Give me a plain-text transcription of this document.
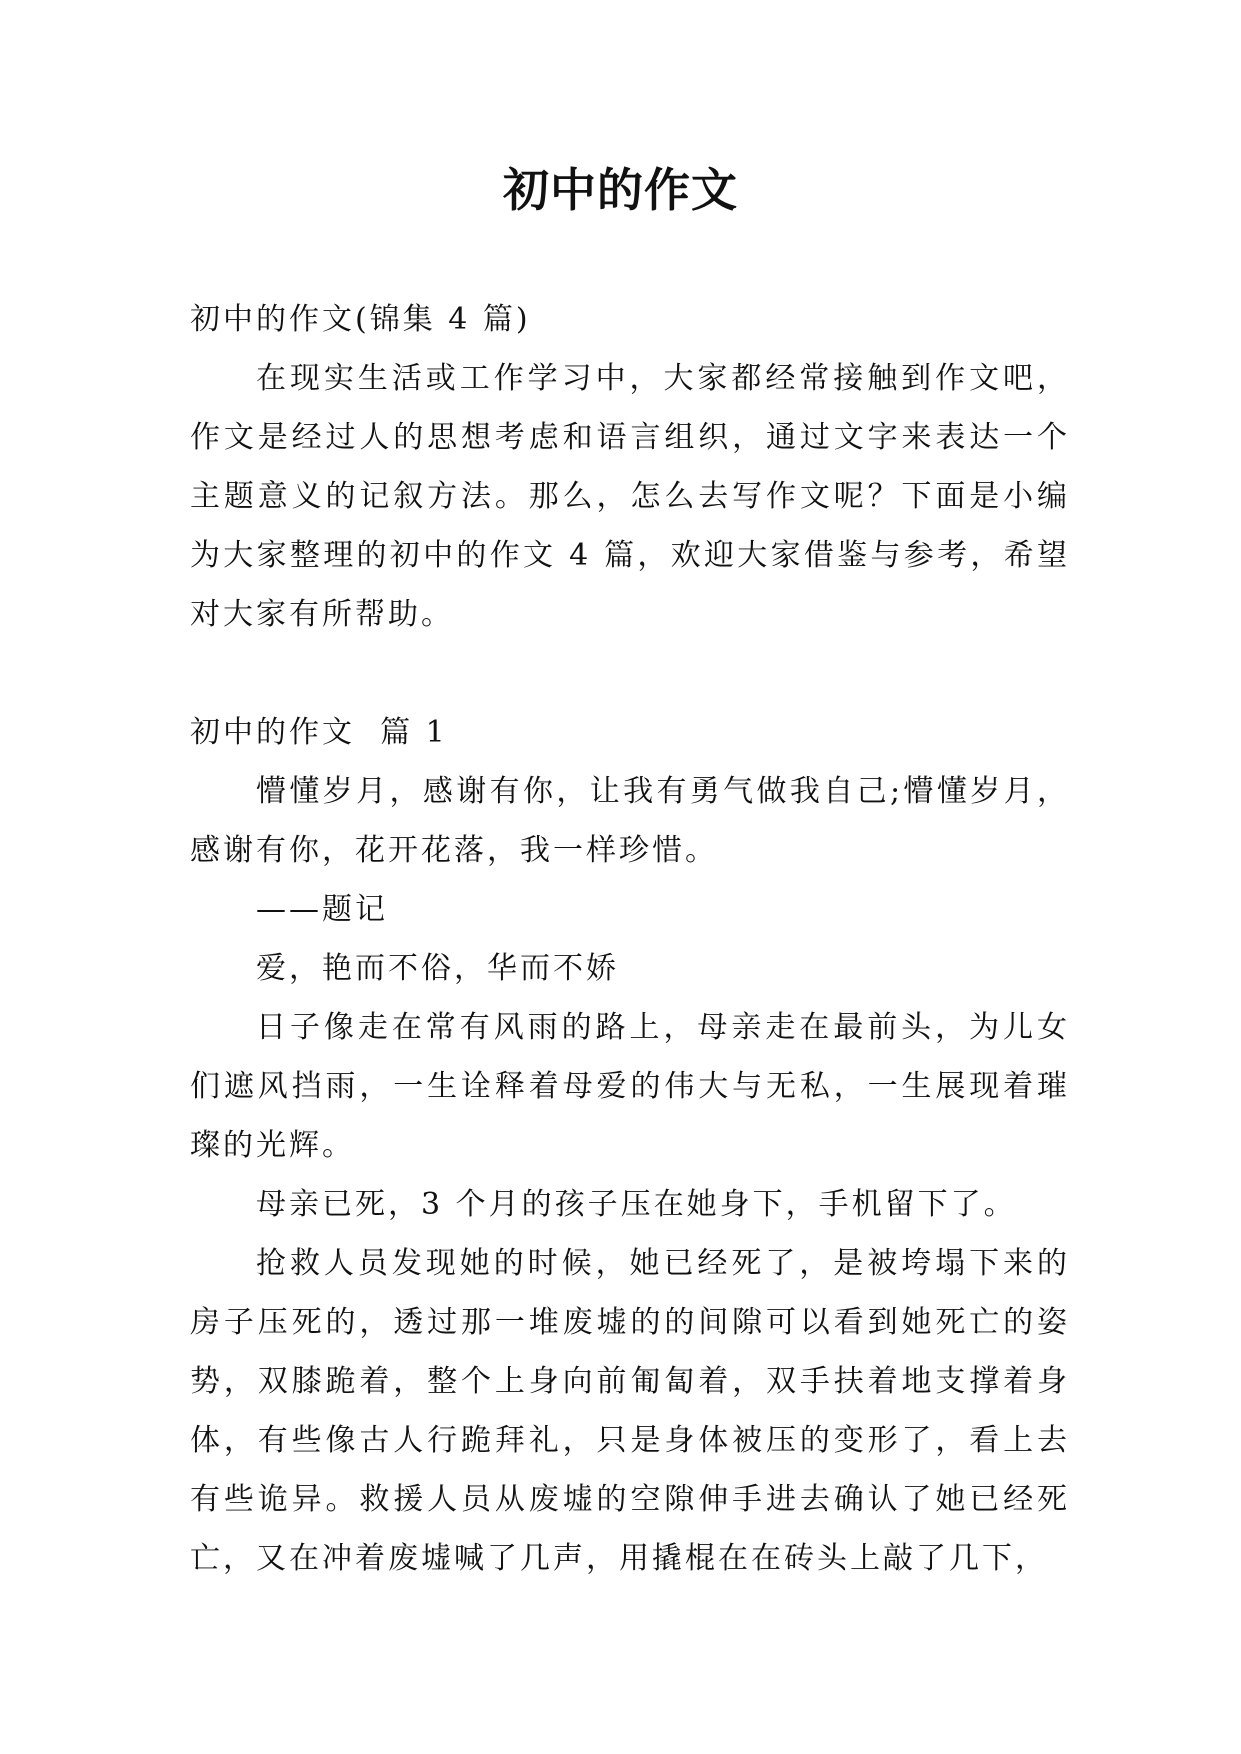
初中的作文

初中的作文(锦集 4 篇)

在现实生活或工作学习中，大家都经常接触到作文吧，作文是经过人的思想考虑和语言组织，通过文字来表达一个主题意义的记叙方法。那么，怎么去写作文呢？下面是小编为大家整理的初中的作文 4 篇，欢迎大家借鉴与参考，希望对大家有所帮助。

初中的作文  篇 1

懵懂岁月，感谢有你，让我有勇气做我自己;懵懂岁月，感谢有你，花开花落，我一样珍惜。

——题记

爱，艳而不俗，华而不娇

日子像走在常有风雨的路上，母亲走在最前头，为儿女们遮风挡雨，一生诠释着母爱的伟大与无私，一生展现着璀璨的光辉。

母亲已死，3 个月的孩子压在她身下，手机留下了。

抢救人员发现她的时候，她已经死了，是被垮塌下来的房子压死的，透过那一堆废墟的的间隙可以看到她死亡的姿势，双膝跪着，整个上身向前匍匐着，双手扶着地支撑着身体，有些像古人行跪拜礼，只是身体被压的变形了，看上去有些诡异。救援人员从废墟的空隙伸手进去确认了她已经死亡，又在冲着废墟喊了几声，用撬棍在在砖头上敲了几下，
